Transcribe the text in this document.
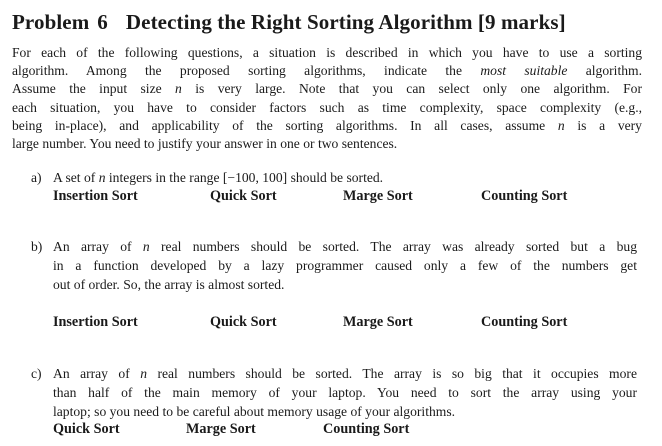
Problem 6 Detecting the Right Sorting Algorithm [9 marks]
For each of the following questions, a situation is described in which you have to use a sorting
algorithm. Among the proposed sorting algorithms, indicate the most suitable algorithm.
Assume the input size n is very large. Note that you can select only one algorithm. For
each situation, you have to consider factors such as time complexity, space complexity (e.g.,
being in-place), and applicability of the sorting algorithms. In all cases, assume n is a very
large number. You need to justify your answer in one or two sentences.
a) A set of n integers in the range [−100, 100] should be sorted.
Insertion Sort	Quick Sort	Marge Sort	Counting Sort
b) An array of n real numbers should be sorted. The array was already sorted but a bug
in a function developed by a lazy programmer caused only a few of the numbers get
out of order. So, the array is almost sorted.
Insertion Sort	Quick Sort	Marge Sort	Counting Sort
c) An array of n real numbers should be sorted. The array is so big that it occupies more
than half of the main memory of your laptop. You need to sort the array using your
laptop; so you need to be careful about memory usage of your algorithms.
Quick Sort	Marge Sort	Counting Sort
